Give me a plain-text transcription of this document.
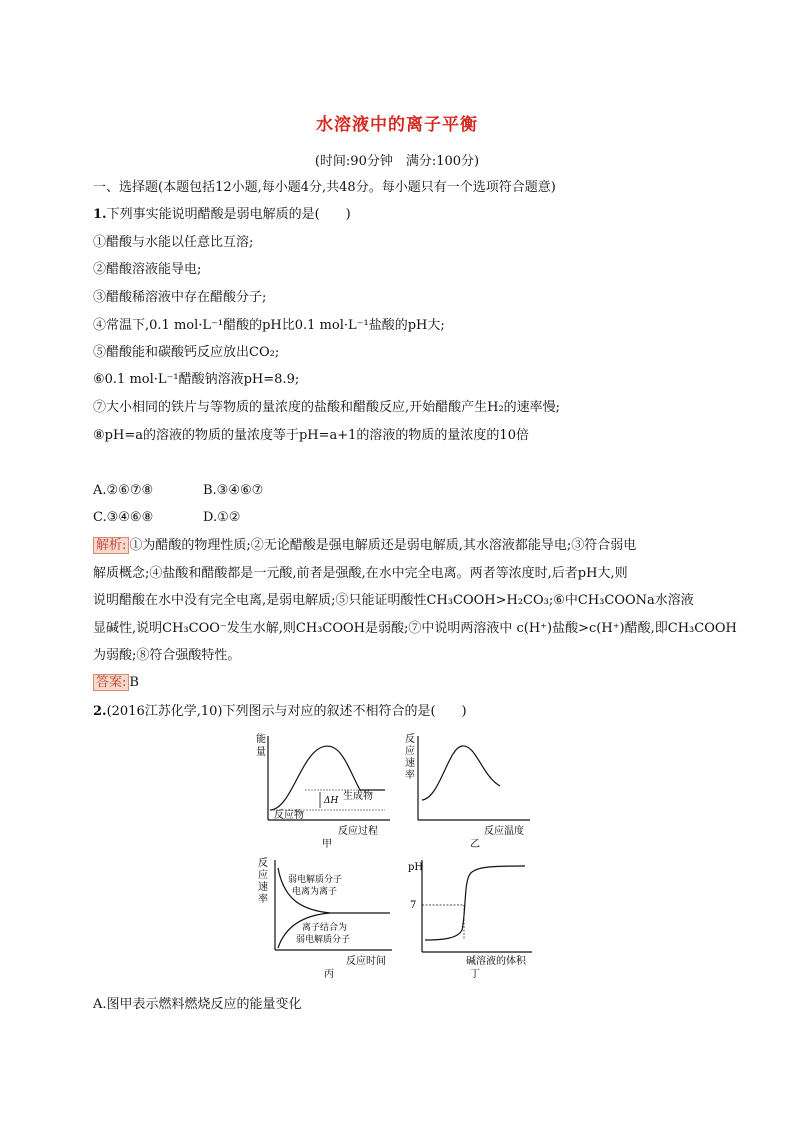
水溶液中的离子平衡
(时间:90分钟　满分:100分)
一、选择题(本题包括12小题,每小题4分,共48分。每小题只有一个选项符合题意)
1.下列事实能说明醋酸是弱电解质的是(　　)
①醋酸与水能以任意比互溶;
②醋酸溶液能导电;
③醋酸稀溶液中存在醋酸分子;
④常温下,0.1 mol·L⁻¹醋酸的pH比0.1 mol·L⁻¹盐酸的pH大;
⑤醋酸能和碳酸钙反应放出CO₂;
⑥0.1 mol·L⁻¹醋酸钠溶液pH=8.9;
⑦大小相同的铁片与等物质的量浓度的盐酸和醋酸反应,开始醋酸产生H₂的速率慢;
⑧pH=a的溶液的物质的量浓度等于pH=a+1的溶液的物质的量浓度的10倍
A.②⑥⑦⑧	B.③④⑥⑦
C.③④⑥⑧	D.①②
解析: ①为醋酸的物理性质;②无论醋酸是强电解质还是弱电解质,其水溶液都能导电;③符合弱电
解质概念;④盐酸和醋酸都是一元酸,前者是强酸,在水中完全电离。两者等浓度时,后者pH大,则
说明醋酸在水中没有完全电离,是弱电解质;⑤只能证明酸性CH₃COOH>H₂CO₃;⑥中CH₃COONa水溶液
显碱性,说明CH₃COO⁻发生水解,则CH₃COOH是弱酸;⑦中说明两溶液中 c(H⁺)盐酸>c(H⁺)醋酸,即CH₃COOH
为弱酸;⑧符合强酸特性。
答案: B
2.(2016江苏化学,10)下列图示与对应的叙述不相符合的是(　　)
能
量
ΔH 生成物
反应物
反应过程
甲
反
应
速
率
反应温度
乙
反
应
速
率
弱电解质分子
电离为离子
离子结合为
弱电解质分子
反应时间
丙
pH
7
碱溶液的体积
丁
A.图甲表示燃料燃烧反应的能量变化
